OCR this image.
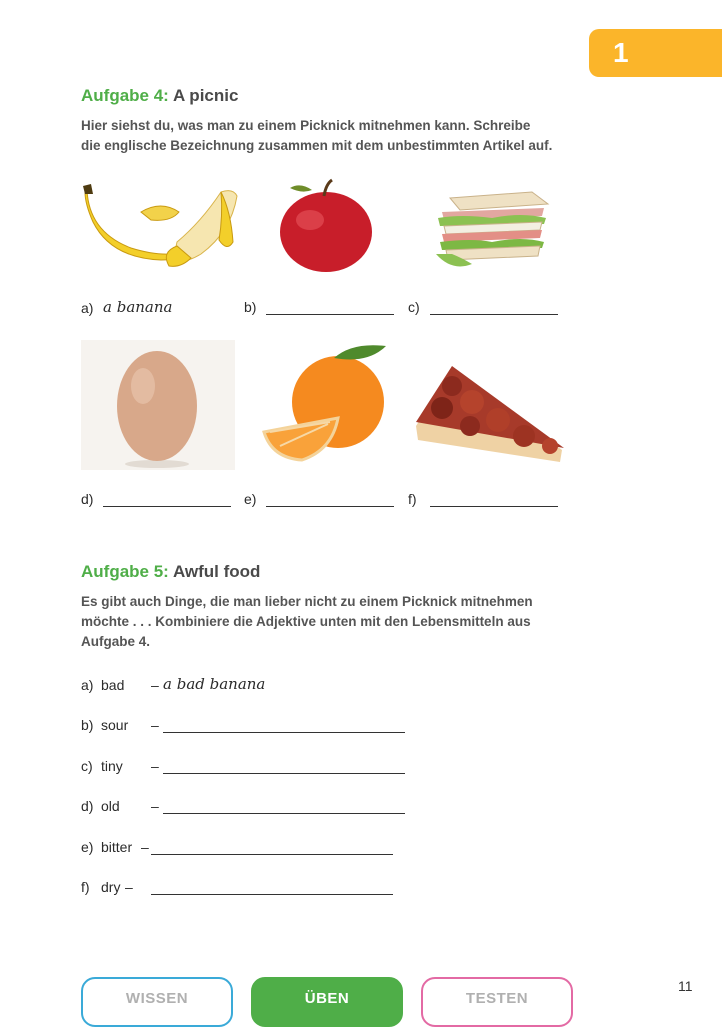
1
Aufgabe 4: A picnic
Hier siehst du, was man zu einem Picknick mitnehmen kann. Schreibe
die englische Bezeichnung zusammen mit dem unbestimmten Artikel auf.
a) a banana	b)	c)
d)	e)	f)
Aufgabe 5: Awful food
Es gibt auch Dinge, die man lieber nicht zu einem Picknick mitnehmen
möchte . . . Kombiniere die Adjektive unten mit den Lebensmitteln aus
Aufgabe 4.
a) bad	– a bad banana
b) sour	–
c) tiny	–
d) old	–
e) bitter –
f) dry –
11
WISSEN	ÜBEN	TESTEN
